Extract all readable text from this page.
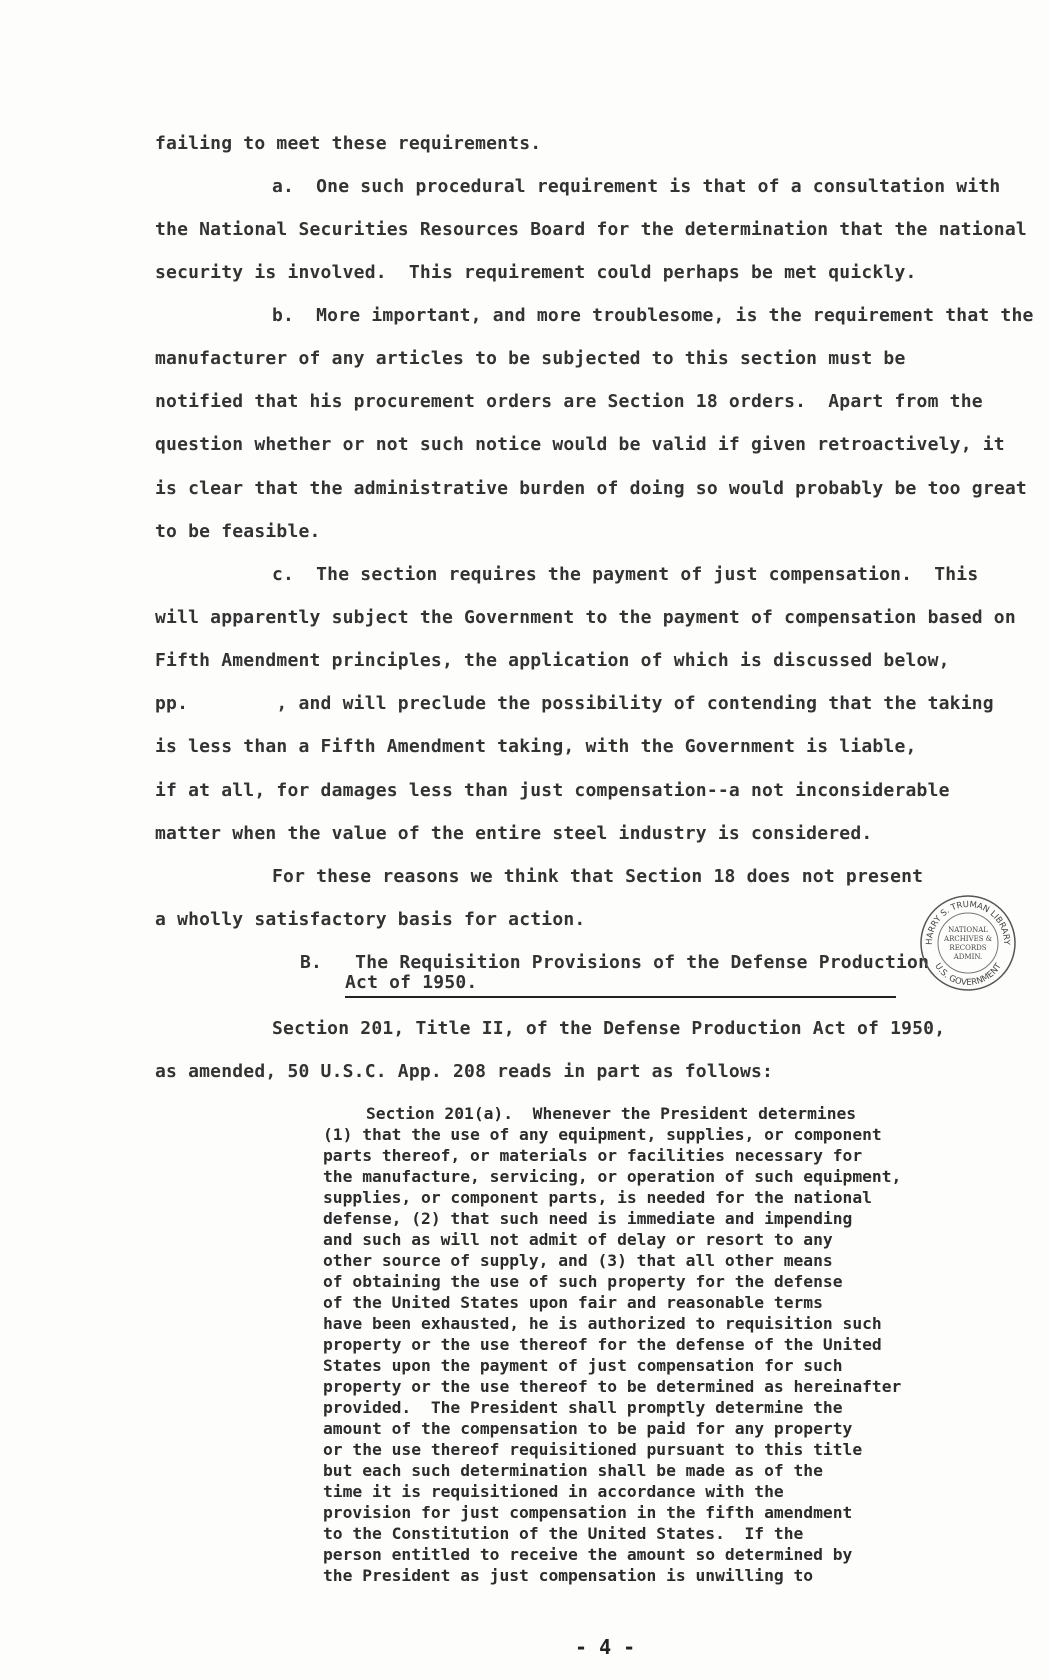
failing to meet these requirements.
a.  One such procedural requirement is that of a consultation with
the National Securities Resources Board for the determination that the national
security is involved.  This requirement could perhaps be met quickly.
b.  More important, and more troublesome, is the requirement that the
manufacturer of any articles to be subjected to this section must be
notified that his procurement orders are Section 18 orders.  Apart from the
question whether or not such notice would be valid if given retroactively, it
is clear that the administrative burden of doing so would probably be too great
to be feasible.
c.  The section requires the payment of just compensation.  This
will apparently subject the Government to the payment of compensation based on
Fifth Amendment principles, the application of which is discussed below,
pp.        , and will preclude the possibility of contending that the taking
is less than a Fifth Amendment taking, with the Government is liable,
if at all, for damages less than just compensation--a not inconsiderable
matter when the value of the entire steel industry is considered.
For these reasons we think that Section 18 does not present
a wholly satisfactory basis for action.
B.   The Requisition Provisions of the Defense Production
Act of 1950.
Section 201, Title II, of the Defense Production Act of 1950,
as amended, 50 U.S.C. App. 208 reads in part as follows:
Section 201(a).  Whenever the President determines
(1) that the use of any equipment, supplies, or component
parts thereof, or materials or facilities necessary for
the manufacture, servicing, or operation of such equipment,
supplies, or component parts, is needed for the national
defense, (2) that such need is immediate and impending
and such as will not admit of delay or resort to any
other source of supply, and (3) that all other means
of obtaining the use of such property for the defense
of the United States upon fair and reasonable terms
have been exhausted, he is authorized to requisition such
property or the use thereof for the defense of the United
States upon the payment of just compensation for such
property or the use thereof to be determined as hereinafter
provided.  The President shall promptly determine the
amount of the compensation to be paid for any property
or the use thereof requisitioned pursuant to this title
but each such determination shall be made as of the
time it is requisitioned in accordance with the
provision for just compensation in the fifth amendment
to the Constitution of the United States.  If the
person entitled to receive the amount so determined by
the President as just compensation is unwilling to
- 4 -
HARRY S. TRUMAN LIBRARY
U.S. GOVERNMENT
NATIONAL
ARCHIVES &
RECORDS
ADMIN.
